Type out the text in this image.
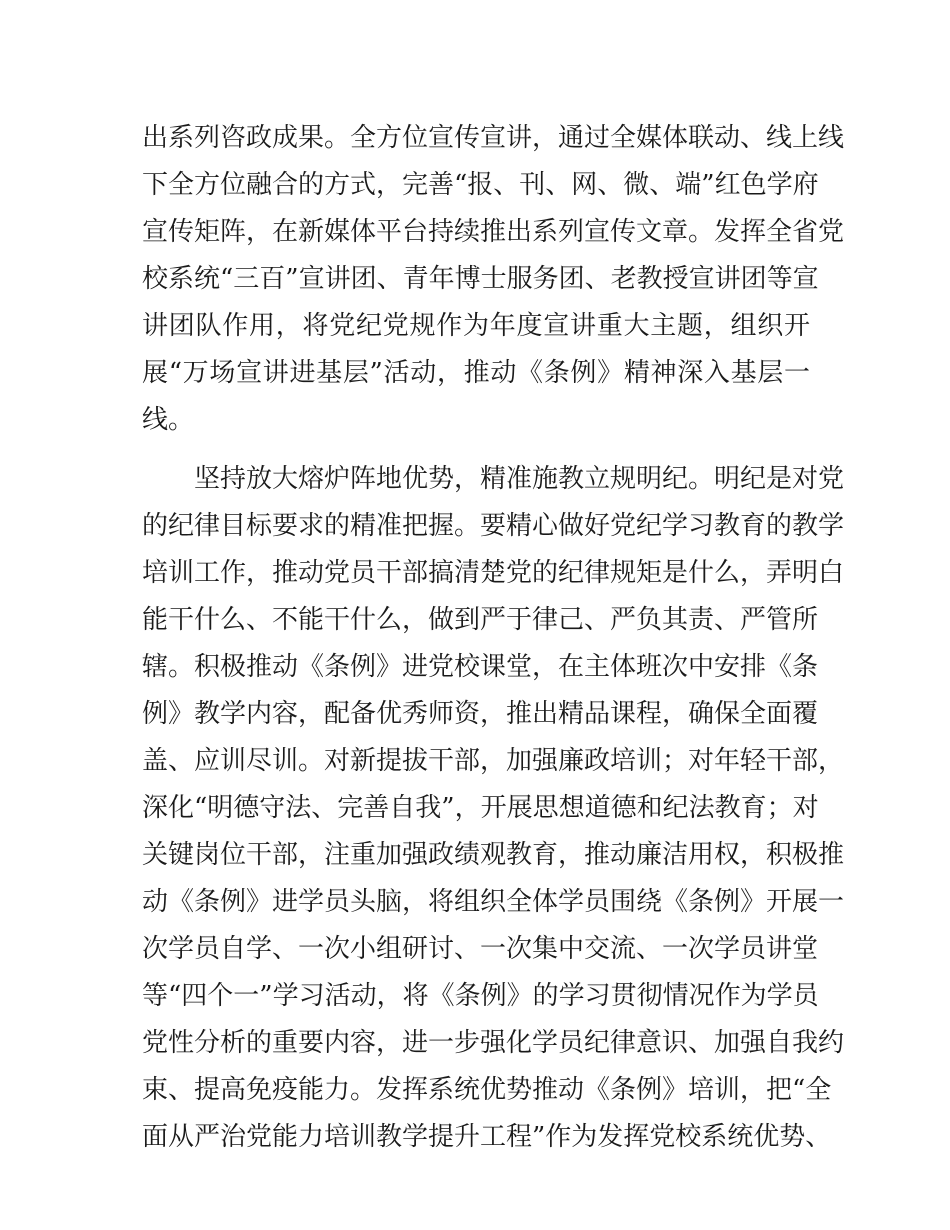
出系列咨政成果。全方位宣传宣讲，通过全媒体联动、线上线
下全方位融合的方式，完善“报、刊、网、微、端”红色学府
宣传矩阵，在新媒体平台持续推出系列宣传文章。发挥全省党
校系统“三百”宣讲团、青年博士服务团、老教授宣讲团等宣
讲团队作用，将党纪党规作为年度宣讲重大主题，组织开
展“万场宣讲进基层”活动，推动《条例》精神深入基层一
线。
坚持放大熔炉阵地优势，精准施教立规明纪。明纪是对党
的纪律目标要求的精准把握。要精心做好党纪学习教育的教学
培训工作，推动党员干部搞清楚党的纪律规矩是什么，弄明白
能干什么、不能干什么，做到严于律己、严负其责、严管所
辖。积极推动《条例》进党校课堂，在主体班次中安排《条
例》教学内容，配备优秀师资，推出精品课程，确保全面覆
盖、应训尽训。对新提拔干部，加强廉政培训；对年轻干部，
深化“明德守法、完善自我”，开展思想道德和纪法教育；对
关键岗位干部，注重加强政绩观教育，推动廉洁用权，积极推
动《条例》进学员头脑，将组织全体学员围绕《条例》开展一
次学员自学、一次小组研讨、一次集中交流、一次学员讲堂
等“四个一”学习活动，将《条例》的学习贯彻情况作为学员
党性分析的重要内容，进一步强化学员纪律意识、加强自我约
束、提高免疫能力。发挥系统优势推动《条例》培训，把“全
面从严治党能力培训教学提升工程”作为发挥党校系统优势、
